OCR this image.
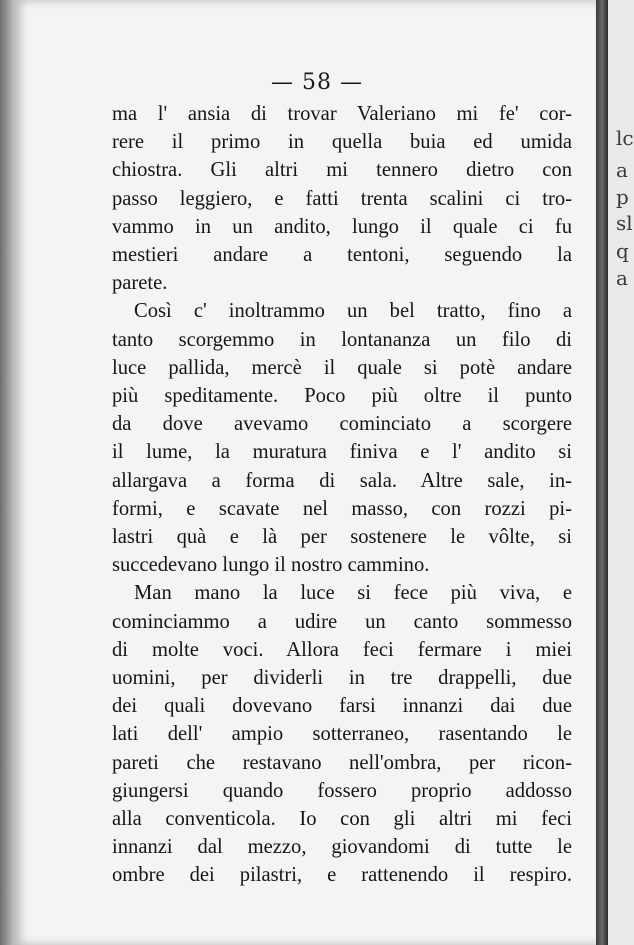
lc
a
p
sl
q
a
— 58 —
ma l' ansia di trovar Valeriano mi fe' cor-
rere il primo in quella buia ed umida
chiostra. Gli altri mi tennero dietro con
passo leggiero, e fatti trenta scalini ci tro-
vammo in un andito, lungo il quale ci fu
mestieri andare a tentoni, seguendo la
parete.
Così c' inoltrammo un bel tratto, fino a
tanto scorgemmo in lontananza un filo di
luce pallida, mercè il quale si potè andare
più speditamente. Poco più oltre il punto
da dove avevamo cominciato a scorgere
il lume, la muratura finiva e l' andito si
allargava a forma di sala. Altre sale, in-
formi, e scavate nel masso, con rozzi pi-
lastri quà e là per sostenere le vôlte, si
succedevano lungo il nostro cammino.
Man mano la luce si fece più viva, e
cominciammo a udire un canto sommesso
di molte voci. Allora feci fermare i miei
uomini, per dividerli in tre drappelli, due
dei quali dovevano farsi innanzi dai due
lati dell' ampio sotterraneo, rasentando le
pareti che restavano nell'ombra, per ricon-
giungersi quando fossero proprio addosso
alla conventicola. Io con gli altri mi feci
innanzi dal mezzo, giovandomi di tutte le
ombre dei pilastri, e rattenendo il respiro.
